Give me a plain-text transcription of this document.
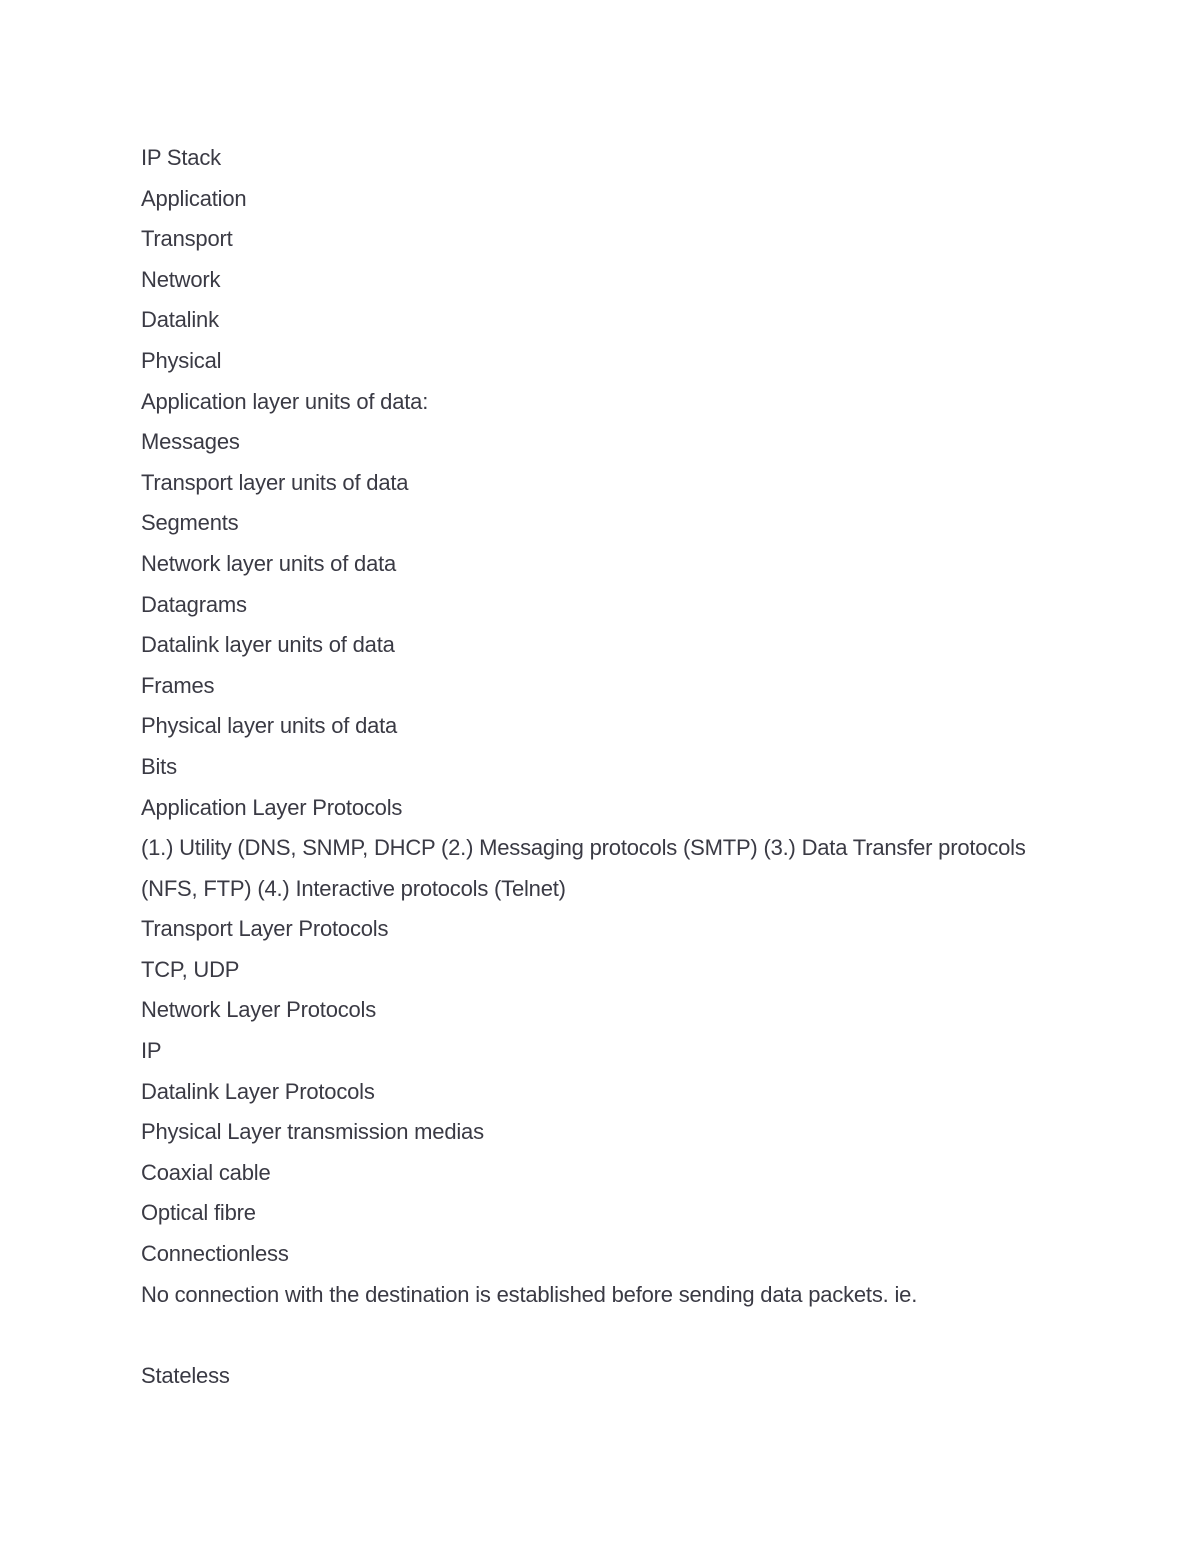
IP Stack

Application

Transport

Network

Datalink

Physical

Application layer units of data:

Messages

Transport layer units of data

Segments

Network layer units of data

Datagrams

Datalink layer units of data

Frames

Physical layer units of data

Bits

Application Layer Protocols

(1.) Utility (DNS, SNMP, DHCP (2.) Messaging protocols (SMTP) (3.) Data Transfer protocols (NFS, FTP) (4.) Interactive protocols (Telnet)

Transport Layer Protocols

TCP, UDP

Network Layer Protocols

IP

Datalink Layer Protocols

Physical Layer transmission medias

Coaxial cable

Optical fibre

Connectionless

No connection with the destination is established before sending data packets. ie.

Stateless
